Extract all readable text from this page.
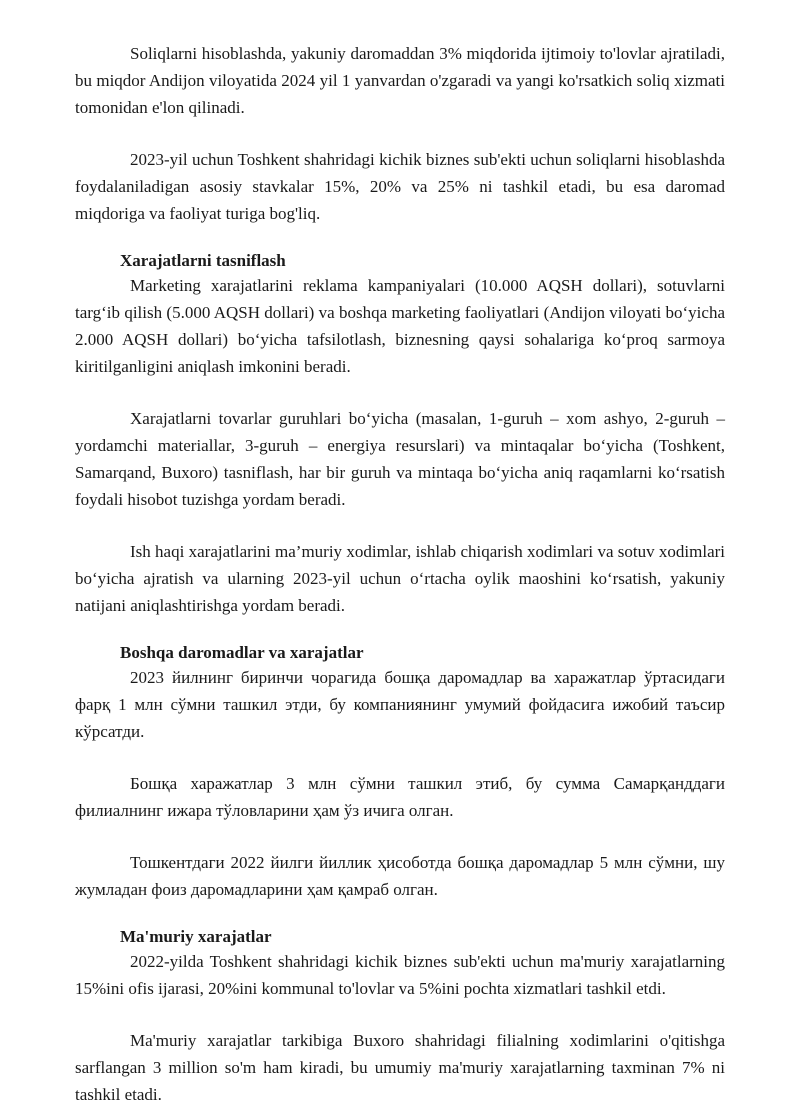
Soliqlarni hisoblashda, yakuniy daromaddan 3% miqdorida ijtimoiy to'lovlar ajratiladi, bu miqdor Andijon viloyatida 2024 yil 1 yanvardan o'zgaradi va yangi ko'rsatkich soliq xizmati tomonidan e'lon qilinadi.

2023-yil uchun Toshkent shahridagi kichik biznes sub'ekti uchun soliqlarni hisoblashda foydalaniladigan asosiy stavkalar 15%, 20% va 25% ni tashkil etadi, bu esa daromad miqdoriga va faoliyat turiga bog'liq.

Xarajatlarni tasniflash

Marketing xarajatlarini reklama kampaniyalari (10.000 AQSH dollari), sotuvlarni targ‘ib qilish (5.000 AQSH dollari) va boshqa marketing faoliyatlari (Andijon viloyati bo‘yicha 2.000 AQSH dollari) bo‘yicha tafsilotlash, biznesning qaysi sohalariga ko‘proq sarmoya kiritilganligini aniqlash imkonini beradi.

Xarajatlarni tovarlar guruhlari bo‘yicha (masalan, 1-guruh – xom ashyo, 2-guruh – yordamchi materiallar, 3-guruh – energiya resurslari) va mintaqalar bo‘yicha (Toshkent, Samarqand, Buxoro) tasniflash, har bir guruh va mintaqa bo‘yicha aniq raqamlarni ko‘rsatish foydali hisobot tuzishga yordam beradi.

Ish haqi xarajatlarini ma’muriy xodimlar, ishlab chiqarish xodimlari va sotuv xodimlari bo‘yicha ajratish va ularning 2023-yil uchun o‘rtacha oylik maoshini ko‘rsatish, yakuniy natijani aniqlashtirishga yordam beradi.

Boshqa daromadlar va xarajatlar

2023 йилнинг биринчи чорагида бошқа даромадлар ва харажатлар ўртасидаги фарқ 1 млн сўмни ташкил этди, бу компаниянинг умумий фойдасига ижобий таъсир кўрсатди.

Бошқа харажатлар 3 млн сўмни ташкил этиб, бу сумма Самарқанддаги филиалнинг ижара тўловларини ҳам ўз ичига олган.

Тошкентдаги 2022 йилги йиллик ҳисоботда бошқа даромадлар 5 млн сўмни, шу жумладан фоиз даромадларини ҳам қамраб олган.

Ma'muriy xarajatlar

2022-yilda Toshkent shahridagi kichik biznes sub'ekti uchun ma'muriy xarajatlarning 15%ini ofis ijarasi, 20%ini kommunal to'lovlar va 5%ini pochta xizmatlari tashkil etdi.

Ma'muriy xarajatlar tarkibiga Buxoro shahridagi filialning xodimlarini o'qitishga sarflangan 3 million so'm ham kiradi, bu umumiy ma'muriy xarajatlarning taxminan 7% ni tashkil etadi.
